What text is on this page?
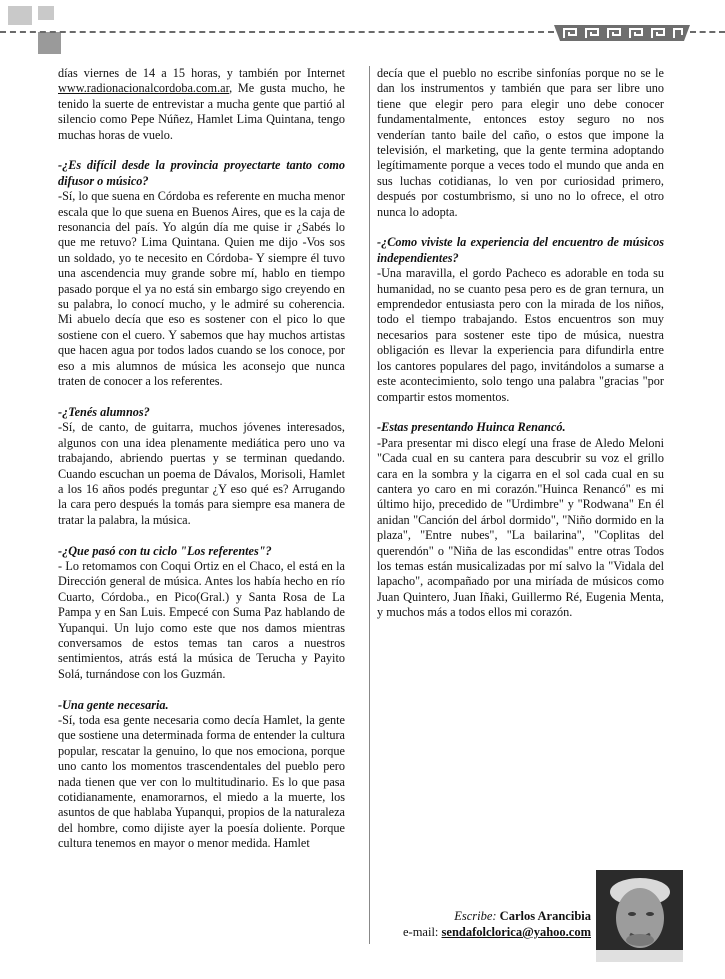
días viernes de 14 a 15 horas, y también por Internet www.radionacionalcordoba.com.ar, Me gusta mucho, he tenido la suerte de entrevistar a mucha gente que partió al silencio como Pepe Núñez, Hamlet Lima Quintana, tengo muchas horas de vuelo.

-¿Es difícil desde la provincia proyectarte tanto como difusor o músico?
-Sí, lo que suena en Córdoba es referente en mucha menor escala que lo que suena en Buenos Aires, que es la caja de resonancia del país. Yo algún día me quise ir ¿Sabés lo que me retuvo? Lima Quintana. Quien me dijo -Vos sos un soldado, yo te necesito en Córdoba- Y siempre él tuvo una ascendencia muy grande sobre mí, hablo en tiempo pasado porque el ya no está sin embargo sigo creyendo en su palabra, lo conocí mucho, y le admiré su coherencia. Mi abuelo decía que eso es sostener con el pico lo que sostiene con el cuero. Y sabemos que hay muchos artistas que hacen agua por todos lados cuando se los conoce, por eso a mis alumnos de música les aconsejo que nunca traten de conocer a los referentes.

-¿Tenés alumnos?
-Sí, de canto, de guitarra, muchos jóvenes interesados, algunos con una idea plenamente mediática pero uno va trabajando, abriendo puertas y se terminan quedando. Cuando escuchan un poema de Dávalos, Morisoli, Hamlet a los 16 años podés preguntar ¿Y eso qué es? Arrugando la cara pero después la tomás para siempre esa manera de tratar la palabra, la música.

-¿Que pasó con tu ciclo "Los referentes"?
- Lo retomamos con Coqui Ortiz en el Chaco, el está en la Dirección general de música. Antes los había hecho en río Cuarto, Córdoba., en Pico(Gral.) y Santa Rosa de La Pampa y en San Luis. Empecé con Suma Paz hablando de Yupanqui. Un lujo como este que nos damos mientras conversamos de estos temas tan caros a nuestros sentimientos, atrás está la música de Terucha y Payito Solá, turnándose con los Guzmán.

-Una gente necesaria.
-Sí, toda esa gente necesaria como decía Hamlet, la gente que sostiene una determinada forma de entender la cultura popular, rescatar la genuino, lo que nos emociona, porque uno canto los momentos trascendentales del pueblo pero nada tienen que ver con lo multitudinario. Es lo que pasa cotidianamente, enamorarnos, el miedo a la muerte, los asuntos de que hablaba Yupanqui, propios de la naturaleza del hombre, como dijiste ayer la poesía doliente. Porque cultura tenemos en mayor o menor medida. Hamlet

decía que el pueblo no escribe sinfonías porque no se le dan los instrumentos y también que para ser libre uno tiene que elegir pero para elegir uno debe conocer fundamentalmente, entonces estoy seguro no nos venderían tanto baile del caño, o estos que impone la televisión, el marketing, que la gente termina adoptando legítimamente porque a veces todo el mundo que anda en sus luchas cotidianas, lo ven por curiosidad primero, después por costumbrismo, si uno no lo ofrece, el otro nunca lo adopta.

-¿Como viviste la experiencia del encuentro de músicos independientes?
-Una maravilla, el gordo Pacheco es adorable en toda su humanidad, no se cuanto pesa pero es de gran ternura, un emprendedor entusiasta pero con la mirada de los niños, todo el tiempo trabajando. Estos encuentros son muy necesarios para sostener este tipo de música, nuestra obligación es llevar la experiencia para difundirla entre los cantores populares del pago, invitándolos a sumarse a este acontecimiento, solo tengo una palabra "gracias "por compartir estos momentos.

-Estas presentando Huinca Renancó.
-Para presentar mi disco elegí una frase de Aledo Meloni "Cada cual en su cantera para descubrir su voz el grillo cara en la sombra y la cigarra en el sol cada cual en su cantera yo caro en mi corazón."Huinca Renancó" es mi último hijo, precedido de "Urdimbre" y "Rodwana" En él anidan "Canción del árbol dormido", "Niño dormido en la plaza", "Entre nubes", "La bailarina", "Coplitas del querendón" o "Niña de las escondidas" entre otras Todos los temas están musicalizadas por mí salvo la "Vidala del lapacho", acompañado por una miríada de músicos como Juan Quintero, Juan Iñaki, Guillermo Ré, Eugenia Menta, y muchos más a todos ellos mi corazón.

Escribe: Carlos Arancibia
e-mail: sendafolclorica@yahoo.com
